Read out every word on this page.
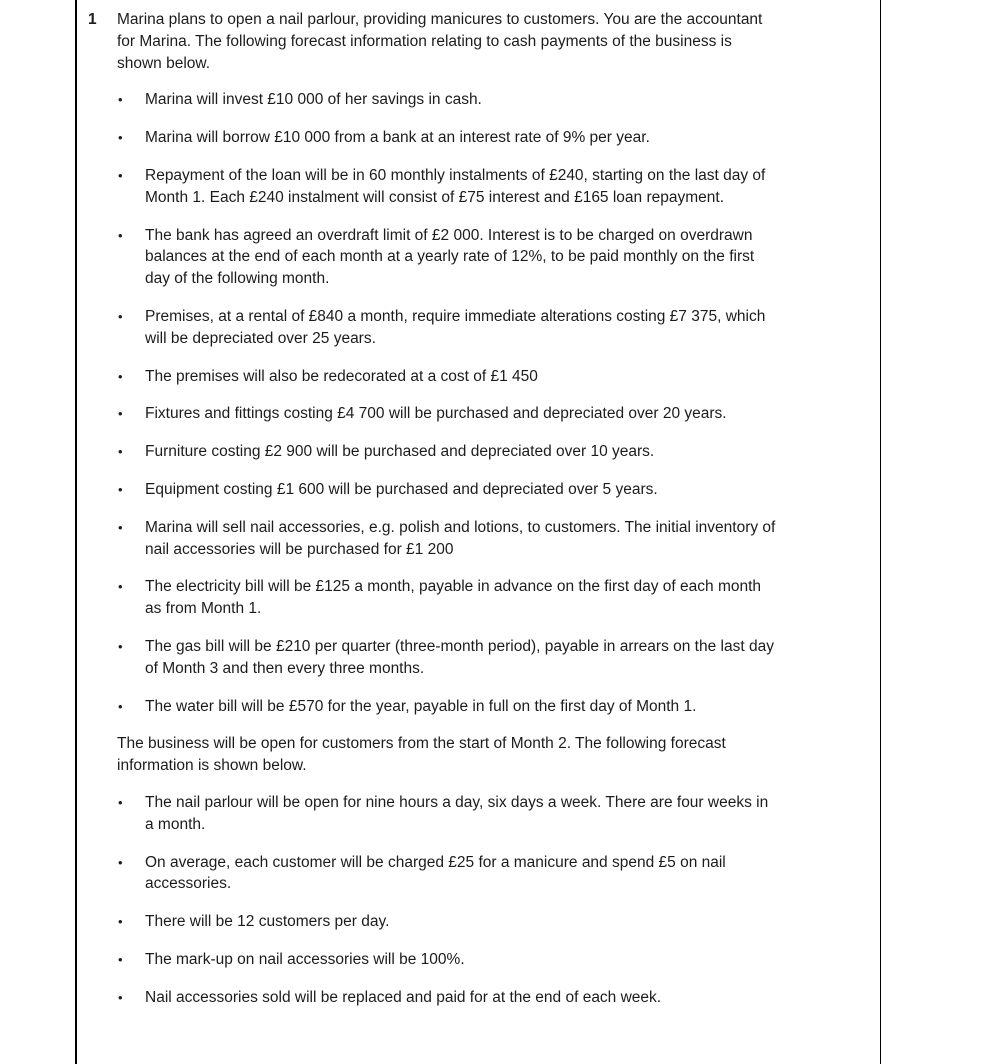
1	Marina plans to open a nail parlour, providing manicures to customers. You are the accountant for Marina. The following forecast information relating to cash payments of the business is shown below.

•	Marina will invest £10 000 of her savings in cash.
•	Marina will borrow £10 000 from a bank at an interest rate of 9% per year.
•	Repayment of the loan will be in 60 monthly instalments of £240, starting on the last day of Month 1. Each £240 instalment will consist of £75 interest and £165 loan repayment.
•	The bank has agreed an overdraft limit of £2 000. Interest is to be charged on overdrawn balances at the end of each month at a yearly rate of 12%, to be paid monthly on the first day of the following month.
•	Premises, at a rental of £840 a month, require immediate alterations costing £7 375, which will be depreciated over 25 years.
•	The premises will also be redecorated at a cost of £1 450
•	Fixtures and fittings costing £4 700 will be purchased and depreciated over 20 years.
•	Furniture costing £2 900 will be purchased and depreciated over 10 years.
•	Equipment costing £1 600 will be purchased and depreciated over 5 years.
•	Marina will sell nail accessories, e.g. polish and lotions, to customers. The initial inventory of nail accessories will be purchased for £1 200
•	The electricity bill will be £125 a month, payable in advance on the first day of each month as from Month 1.
•	The gas bill will be £210 per quarter (three-month period), payable in arrears on the last day of Month 3 and then every three months.
•	The water bill will be £570 for the year, payable in full on the first day of Month 1.

The business will be open for customers from the start of Month 2. The following forecast information is shown below.

•	The nail parlour will be open for nine hours a day, six days a week. There are four weeks in a month.
•	On average, each customer will be charged £25 for a manicure and spend £5 on nail accessories.
•	There will be 12 customers per day.
•	The mark-up on nail accessories will be 100%.
•	Nail accessories sold will be replaced and paid for at the end of each week.
